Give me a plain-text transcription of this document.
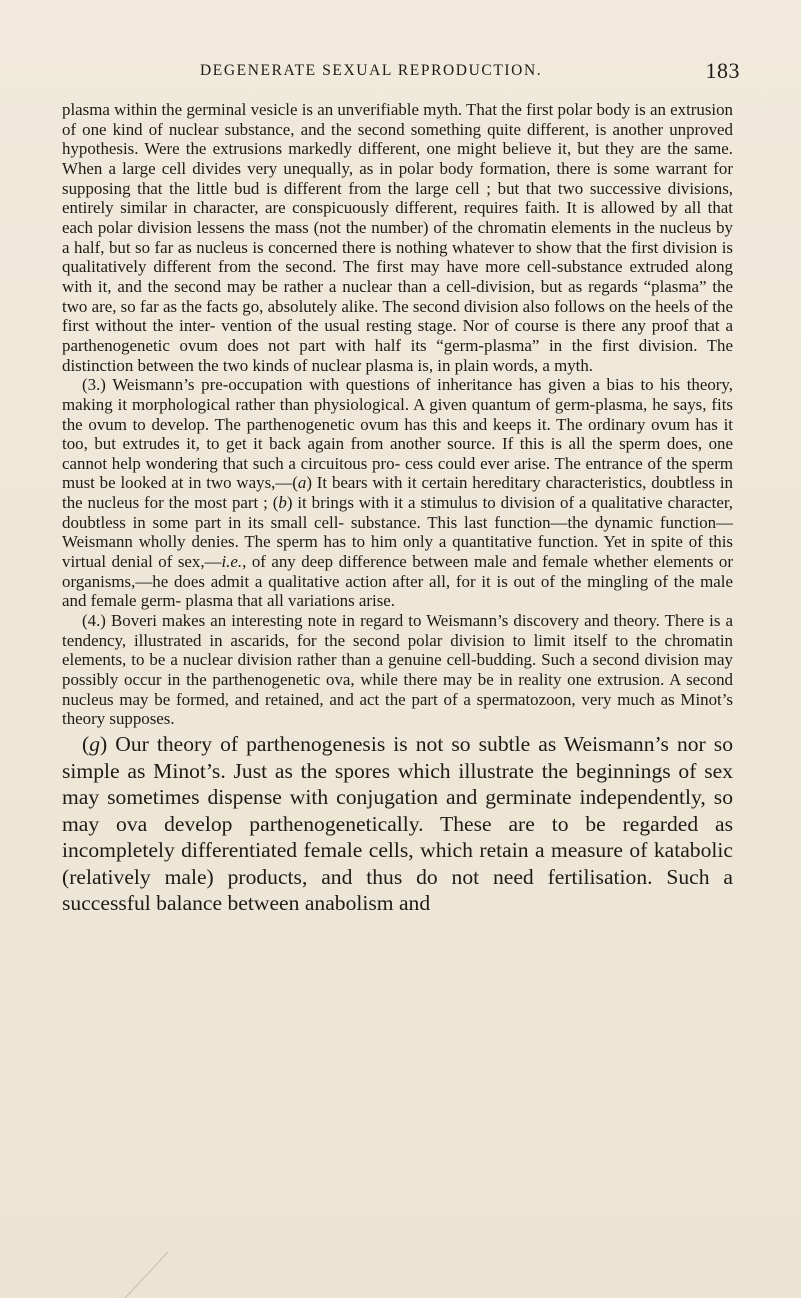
DEGENERATE SEXUAL REPRODUCTION.	183

plasma within the germinal vesicle is an unverifiable myth. That the first polar body is an extrusion of one kind of nuclear substance, and the second something quite different, is another unproved hypothesis. Were the extrusions markedly different, one might believe it, but they are the same. When a large cell divides very unequally, as in polar body formation, there is some warrant for supposing that the little bud is different from the large cell ; but that two successive divisions, entirely similar in character, are conspicuously different, requires faith. It is allowed by all that each polar division lessens the mass (not the number) of the chromatin elements in the nucleus by a half, but so far as nucleus is concerned there is nothing whatever to show that the first division is qualitatively different from the second. The first may have more cell-substance extruded along with it, and the second may be rather a nuclear than a cell-division, but as regards “plasma” the two are, so far as the facts go, absolutely alike. The second division also follows on the heels of the first without the inter- vention of the usual resting stage. Nor of course is there any proof that a parthenogenetic ovum does not part with half its “germ-plasma” in the first division. The distinction between the two kinds of nuclear plasma is, in plain words, a myth.

(3.) Weismann’s pre-occupation with questions of inheritance has given a bias to his theory, making it morphological rather than physiological. A given quantum of germ-plasma, he says, fits the ovum to develop. The parthenogenetic ovum has this and keeps it. The ordinary ovum has it too, but extrudes it, to get it back again from another source. If this is all the sperm does, one cannot help wondering that such a circuitous pro- cess could ever arise. The entrance of the sperm must be looked at in two ways,—(a) It bears with it certain hereditary characteristics, doubtless in the nucleus for the most part ; (b) it brings with it a stimulus to division of a qualitative character, doubtless in some part in its small cell- substance. This last function—the dynamic function—Weismann wholly denies. The sperm has to him only a quantitative function. Yet in spite of this virtual denial of sex,—i.e., of any deep difference between male and female whether elements or organisms,—he does admit a qualitative action after all, for it is out of the mingling of the male and female germ- plasma that all variations arise.

(4.) Boveri makes an interesting note in regard to Weismann’s discovery and theory. There is a tendency, illustrated in ascarids, for the second polar division to limit itself to the chromatin elements, to be a nuclear division rather than a genuine cell-budding. Such a second division may possibly occur in the parthenogenetic ova, while there may be in reality one extrusion. A second nucleus may be formed, and retained, and act the part of a spermatozoon, very much as Minot’s theory supposes.

(g) Our theory of parthenogenesis is not so subtle as Weismann’s nor so simple as Minot’s. Just as the spores which illustrate the beginnings of sex may sometimes dispense with conjugation and germinate independently, so may ova develop parthenogenetically. These are to be regarded as incompletely differentiated female cells, which retain a measure of katabolic (relatively male) products, and thus do not need fertilisation. Such a successful balance between anabolism and
